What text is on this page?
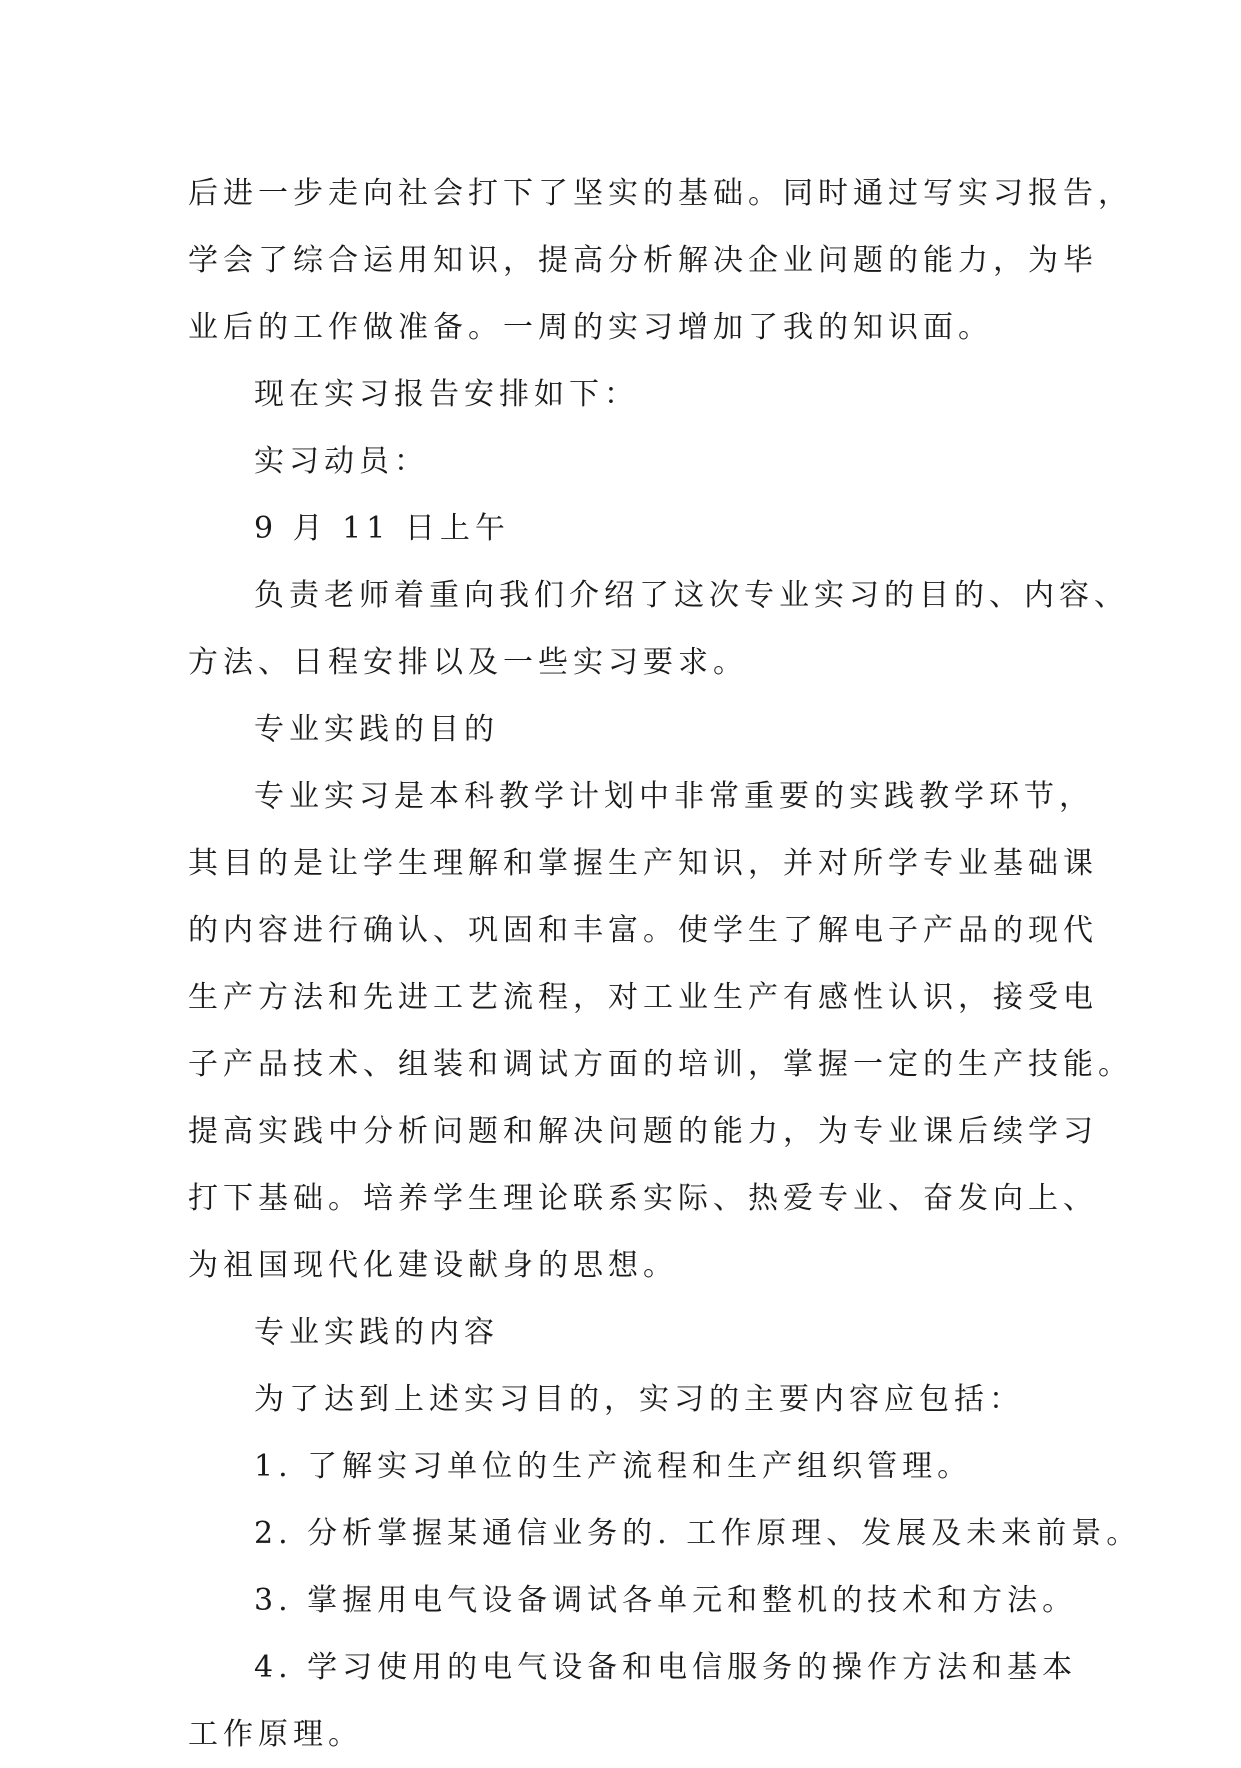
后进一步走向社会打下了坚实的基础。同时通过写实习报告，

学会了综合运用知识，提高分析解决企业问题的能力，为毕

业后的工作做准备。一周的实习增加了我的知识面。

现在实习报告安排如下：

实习动员：

9 月 11 日上午

负责老师着重向我们介绍了这次专业实习的目的、内容、

方法、日程安排以及一些实习要求。

专业实践的目的

专业实习是本科教学计划中非常重要的实践教学环节，

其目的是让学生理解和掌握生产知识，并对所学专业基础课

的内容进行确认、巩固和丰富。使学生了解电子产品的现代

生产方法和先进工艺流程，对工业生产有感性认识，接受电

子产品技术、组装和调试方面的培训，掌握一定的生产技能。

提高实践中分析问题和解决问题的能力，为专业课后续学习

打下基础。培养学生理论联系实际、热爱专业、奋发向上、

为祖国现代化建设献身的思想。

专业实践的内容

为了达到上述实习目的，实习的主要内容应包括：

1. 了解实习单位的生产流程和生产组织管理。

2. 分析掌握某通信业务的. 工作原理、发展及未来前景。

3. 掌握用电气设备调试各单元和整机的技术和方法。

4. 学习使用的电气设备和电信服务的操作方法和基本

工作原理。
